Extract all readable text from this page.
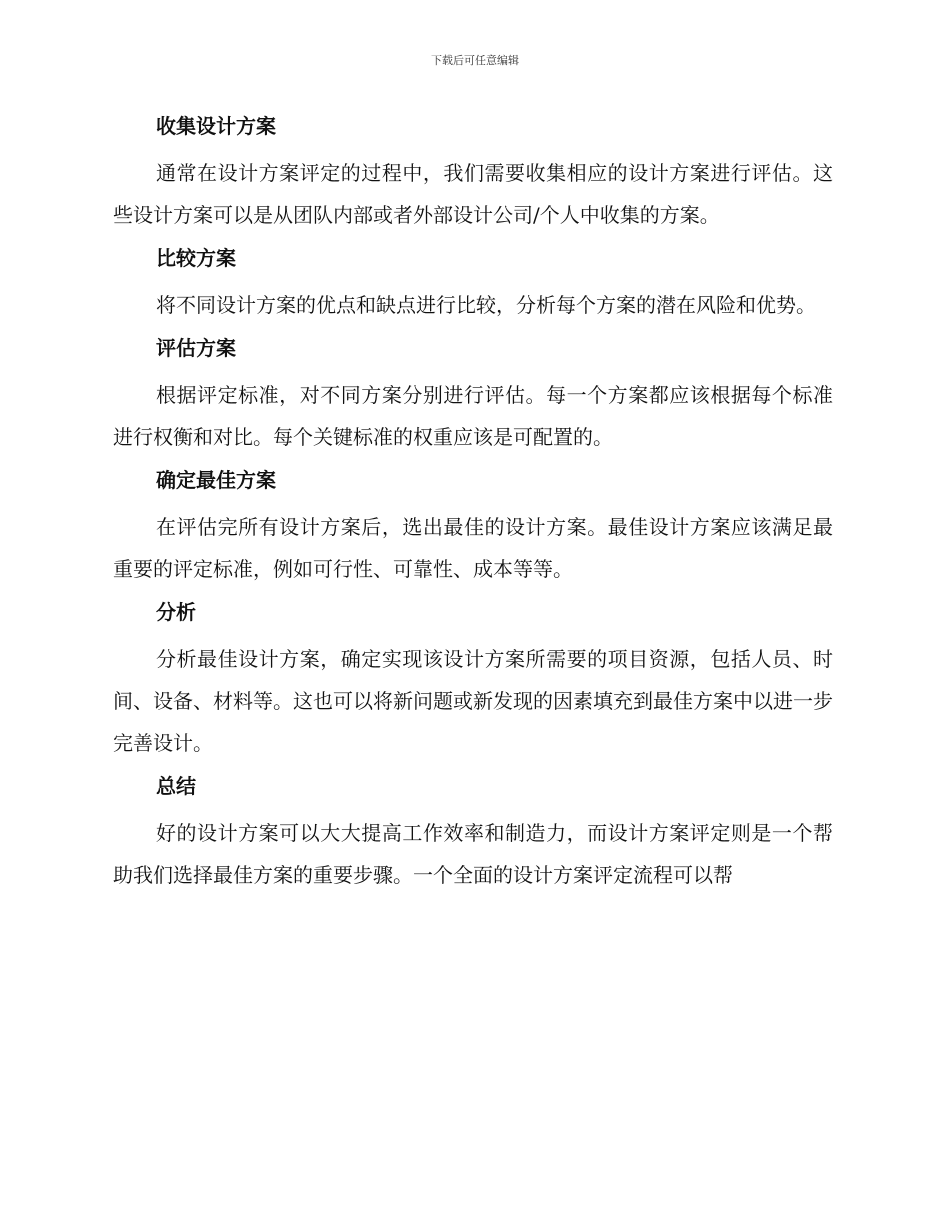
下载后可任意编辑
收集设计方案

通常在设计方案评定的过程中，我们需要收集相应的设计方案进行评估。这些设计方案可以是从团队内部或者外部设计公司/个人中收集的方案。

比较方案

将不同设计方案的优点和缺点进行比较，分析每个方案的潜在风险和优势。

评估方案

根据评定标准，对不同方案分别进行评估。每一个方案都应该根据每个标准进行权衡和对比。每个关键标准的权重应该是可配置的。

确定最佳方案

在评估完所有设计方案后，选出最佳的设计方案。最佳设计方案应该满足最重要的评定标准，例如可行性、可靠性、成本等等。

分析

分析最佳设计方案，确定实现该设计方案所需要的项目资源，包括人员、时间、设备、材料等。这也可以将新问题或新发现的因素填充到最佳方案中以进一步完善设计。

总结

好的设计方案可以大大提高工作效率和制造力，而设计方案评定则是一个帮助我们选择最佳方案的重要步骤。一个全面的设计方案评定流程可以帮
